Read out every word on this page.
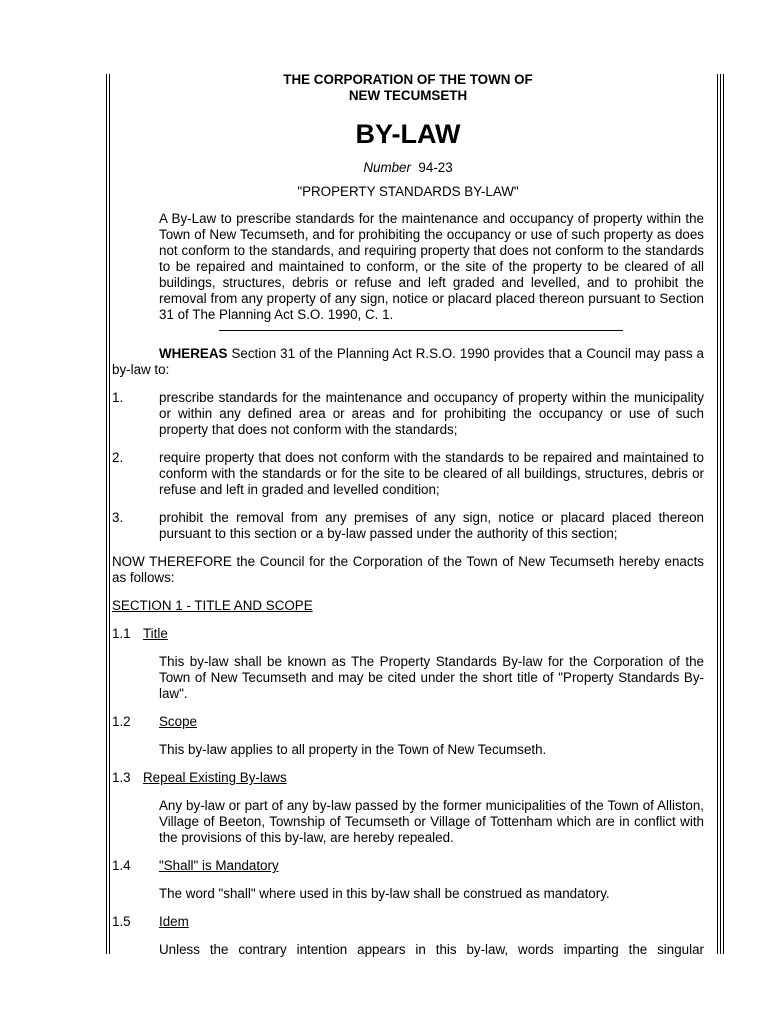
THE CORPORATION OF THE TOWN OF
NEW TECUMSETH
BY-LAW
Number 94-23
"PROPERTY STANDARDS BY-LAW"
A By-Law to prescribe standards for the maintenance and occupancy of property within the Town of New Tecumseth, and for prohibiting the occupancy or use of such property as does not conform to the standards, and requiring property that does not conform to the standards to be repaired and maintained to conform, or the site of the property to be cleared of all buildings, structures, debris or refuse and left graded and levelled, and to prohibit the removal from any property of any sign, notice or placard placed thereon pursuant to Section 31 of The Planning Act S.O. 1990, C. 1.
WHEREAS Section 31 of the Planning Act R.S.O. 1990 provides that a Council may pass a by-law to:
1.	prescribe standards for the maintenance and occupancy of property within the municipality or within any defined area or areas and for prohibiting the occupancy or use of such property that does not conform with the standards;
2.	require property that does not conform with the standards to be repaired and maintained to conform with the standards or for the site to be cleared of all buildings, structures, debris or refuse and left in graded and levelled condition;
3.	prohibit the removal from any premises of any sign, notice or placard placed thereon pursuant to this section or a by-law passed under the authority of this section;
NOW THEREFORE the Council for the Corporation of the Town of New Tecumseth hereby enacts as follows:
SECTION 1 - TITLE AND SCOPE
1.1 Title
This by-law shall be known as The Property Standards By-law for the Corporation of the Town of New Tecumseth and may be cited under the short title of "Property Standards By-law".
1.2	Scope
This by-law applies to all property in the Town of New Tecumseth.
1.3 Repeal Existing By-laws
Any by-law or part of any by-law passed by the former municipalities of the Town of Alliston, Village of Beeton, Township of Tecumseth or Village of Tottenham which are in conflict with the provisions of this by-law, are hereby repealed.
1.4	"Shall" is Mandatory
The word "shall" where used in this by-law shall be construed as mandatory.
1.5	Idem
Unless the contrary intention appears in this by-law, words imparting the singular
